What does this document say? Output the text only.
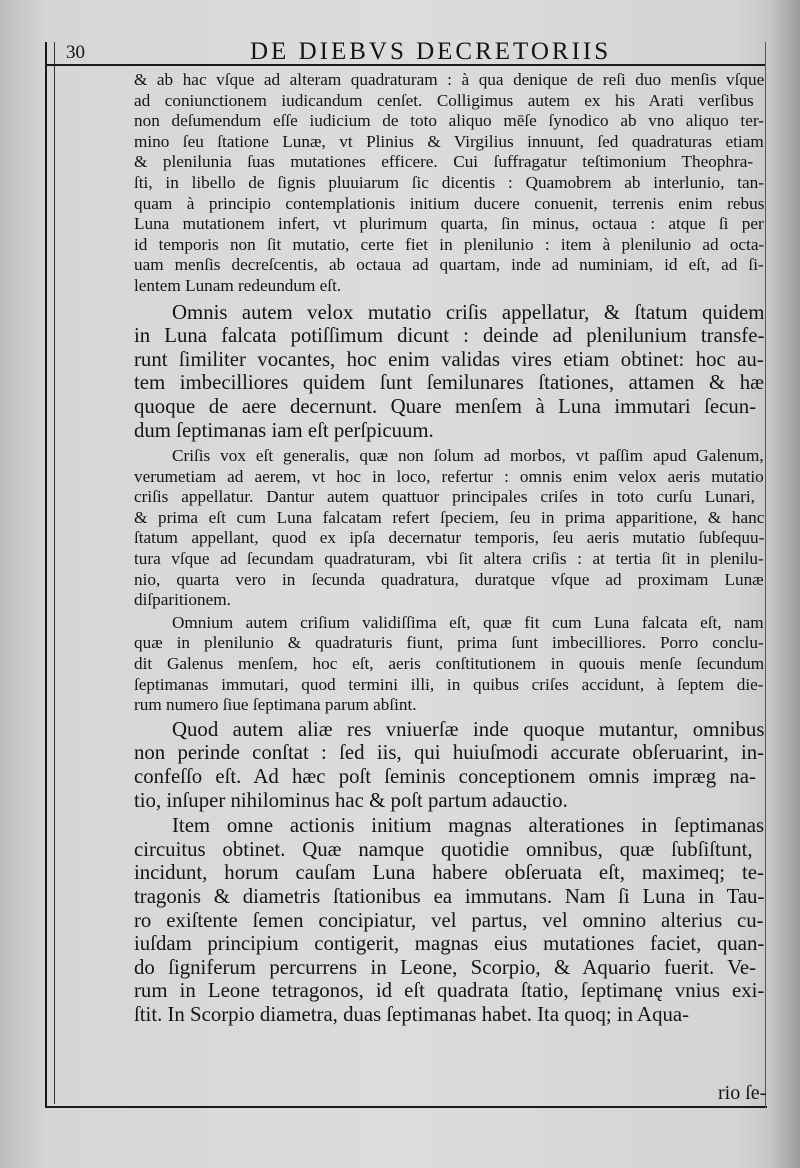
30	DE DIEBVS DECRETORIIS
& ab hac vſque ad alteram quadraturam : à qua denique de reſi duo menſis vſque
ad coniunctionem iudicandum cenſet. Colligimus autem ex his Arati verſibus
non deſumendum eſſe iudicium de toto aliquo mēſe ſynodico ab vno aliquo ter-
mino ſeu ſtatione Lunæ, vt Plinius & Virgilius innuunt, ſed quadraturas etiam
& plenilunia ſuas mutationes efficere. Cui ſuffragatur teſtimonium Theophra-
ſti, in libello de ſignis pluuiarum ſic dicentis : Quamobrem ab interlunio, tan-
quam à principio contemplationis initium ducere conuenit, terrenis enim rebus
Luna mutationem infert, vt plurimum quarta, ſin minus, octaua : atque ſi per
id temporis non ſit mutatio, certe fiet in plenilunio : item à plenilunio ad octa-
uam menſis decreſcentis, ab octaua ad quartam, inde ad numiniam, id eſt, ad ſi-
lentem Lunam redeundum eſt.
Omnis autem velox mutatio criſis appellatur, & ſtatum quidem
in Luna falcata potiſſimum dicunt : deinde ad plenilunium transfe-
runt ſimiliter vocantes, hoc enim validas vires etiam obtinet: hoc au-
tem imbecilliores quidem ſunt ſemilunares ſtationes, attamen & hæ
quoque de aere decernunt. Quare menſem à Luna immutari ſecun-
dum ſeptimanas iam eſt perſpicuum.
Criſis vox eſt generalis, quæ non ſolum ad morbos, vt paſſim apud Galenum,
verumetiam ad aerem, vt hoc in loco, refertur : omnis enim velox aeris mutatio
criſis appellatur. Dantur autem quattuor principales criſes in toto curſu Lunari,
& prima eſt cum Luna falcatam refert ſpeciem, ſeu in prima apparitione, & hanc
ſtatum appellant, quod ex ipſa decernatur temporis, ſeu aeris mutatio ſubſequu-
tura vſque ad ſecundam quadraturam, vbi ſit altera criſis : at tertia ſit in plenilu-
nio, quarta vero in ſecunda quadratura, duratque vſque ad proximam Lunæ
diſparitionem.
Omnium autem criſium validiſſima eſt, quæ fit cum Luna falcata eſt, nam
quæ in plenilunio & quadraturis fiunt, prima ſunt imbecilliores. Porro conclu-
dit Galenus menſem, hoc eſt, aeris conſtitutionem in quouis menſe ſecundum
ſeptimanas immutari, quod termini illi, in quibus criſes accidunt, à ſeptem die-
rum numero ſiue ſeptimana parum abſint.
Quod autem aliæ res vniuerſæ inde quoque mutantur, omnibus
non perinde conſtat : ſed iis, qui huiuſmodi accurate obſeruarint, in-
confeſſo eſt. Ad hæc poſt ſeminis conceptionem omnis impræg na-
tio, inſuper nihilominus hac & poſt partum adauctio.
Item omne actionis initium magnas alterationes in ſeptimanas
circuitus obtinet. Quæ namque quotidie omnibus, quæ ſubſiſtunt,
incidunt, horum cauſam Luna habere obſeruata eſt, maximeq; te-
tragonis & diametris ſtationibus ea immutans. Nam ſi Luna in Tau-
ro exiſtente ſemen concipiatur, vel partus, vel omnino alterius cu-
iuſdam principium contigerit, magnas eius mutationes faciet, quan-
do ſigniferum percurrens in Leone, Scorpio, & Aquario fuerit. Ve-
rum in Leone tetragonos, id eſt quadrata ſtatio, ſeptimanę vnius exi-
ſtit. In Scorpio diametra, duas ſeptimanas habet. Ita quoq; in Aqua-
rio ſe-
